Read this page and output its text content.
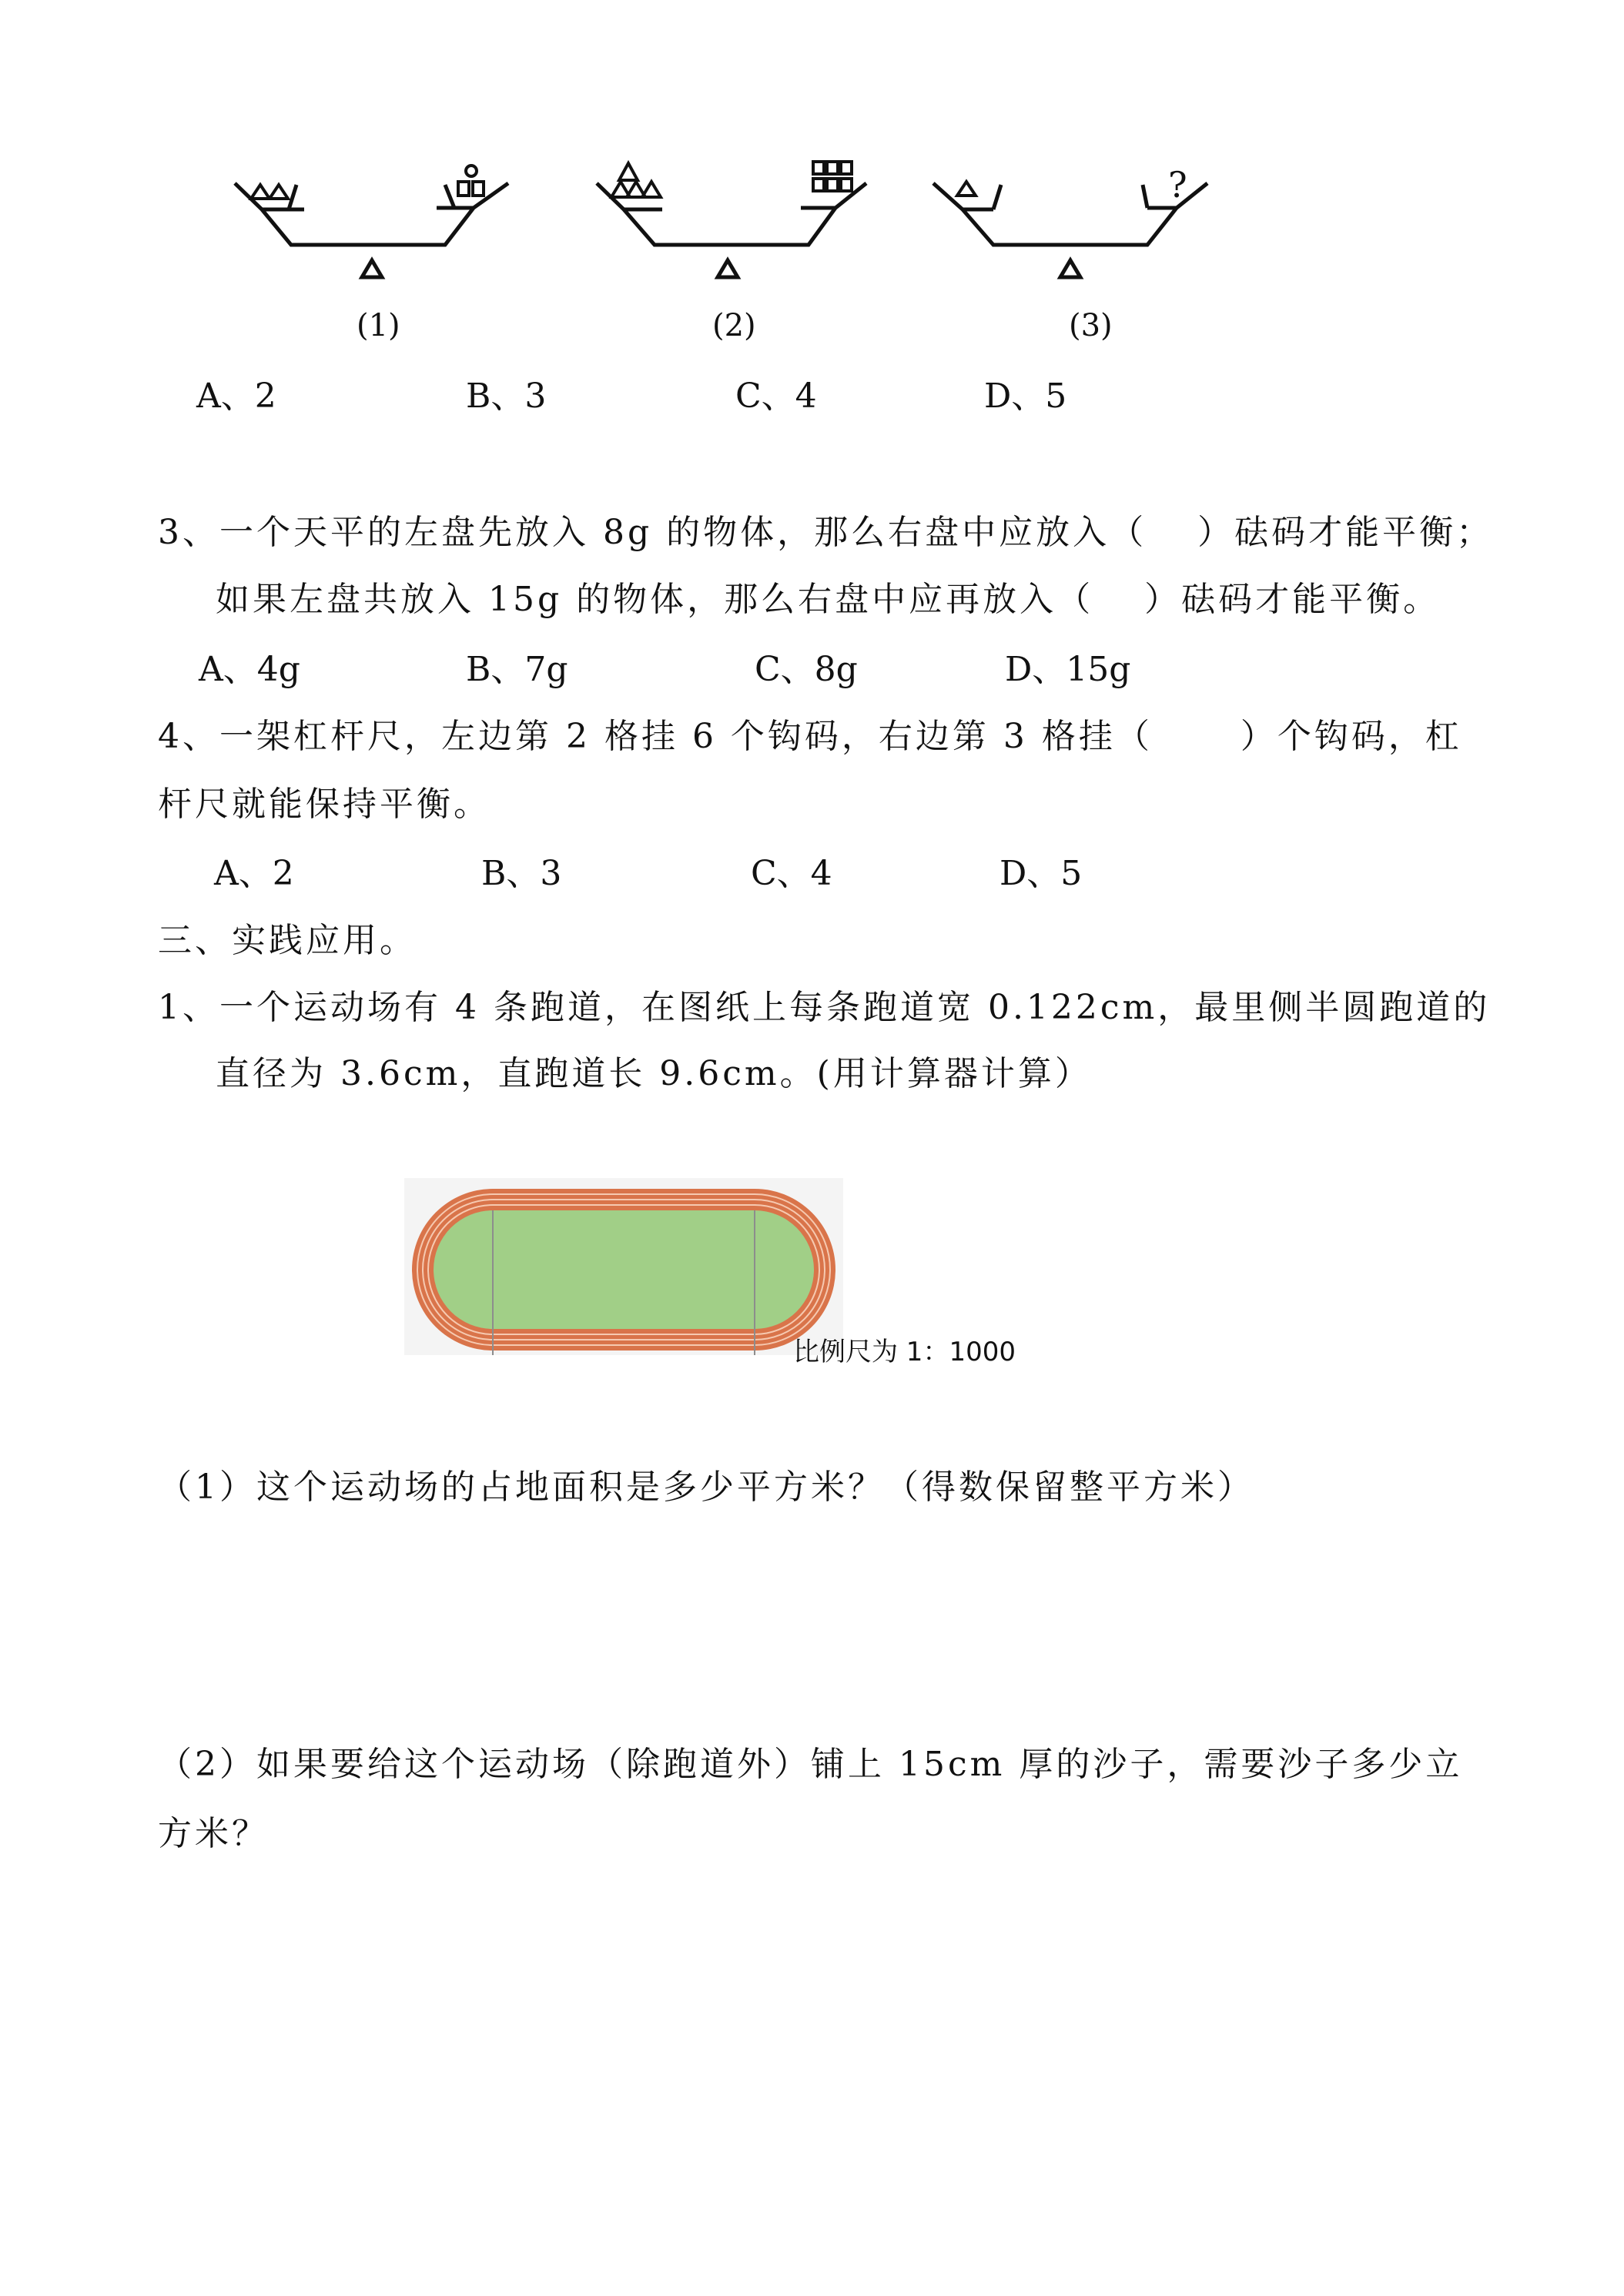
?
(1)	(2)	(3)
A、2	B、3	C、4	D、5
3、一个天平的左盘先放入 8g 的物体，那么右盘中应放入（　 ）砝码才能平衡；
如果左盘共放入 15g 的物体，那么右盘中应再放入（　 ）砝码才能平衡。
A、4g	B、7g	C、8g	D、15g
4、一架杠杆尺，左边第 2 格挂 6 个钩码，右边第 3 格挂（　　 ）个钩码，杠
杆尺就能保持平衡。
A、2	B、3	C、4	D、5
三、实践应用。
1、一个运动场有 4 条跑道，在图纸上每条跑道宽 0.122cm，最里侧半圆跑道的
直径为 3.6cm，直跑道长 9.6cm。(用计算器计算）
比例尺为 1：1000
（1）这个运动场的占地面积是多少平方米？（得数保留整平方米）
（2）如果要给这个运动场（除跑道外）铺上 15cm 厚的沙子，需要沙子多少立
方米？
